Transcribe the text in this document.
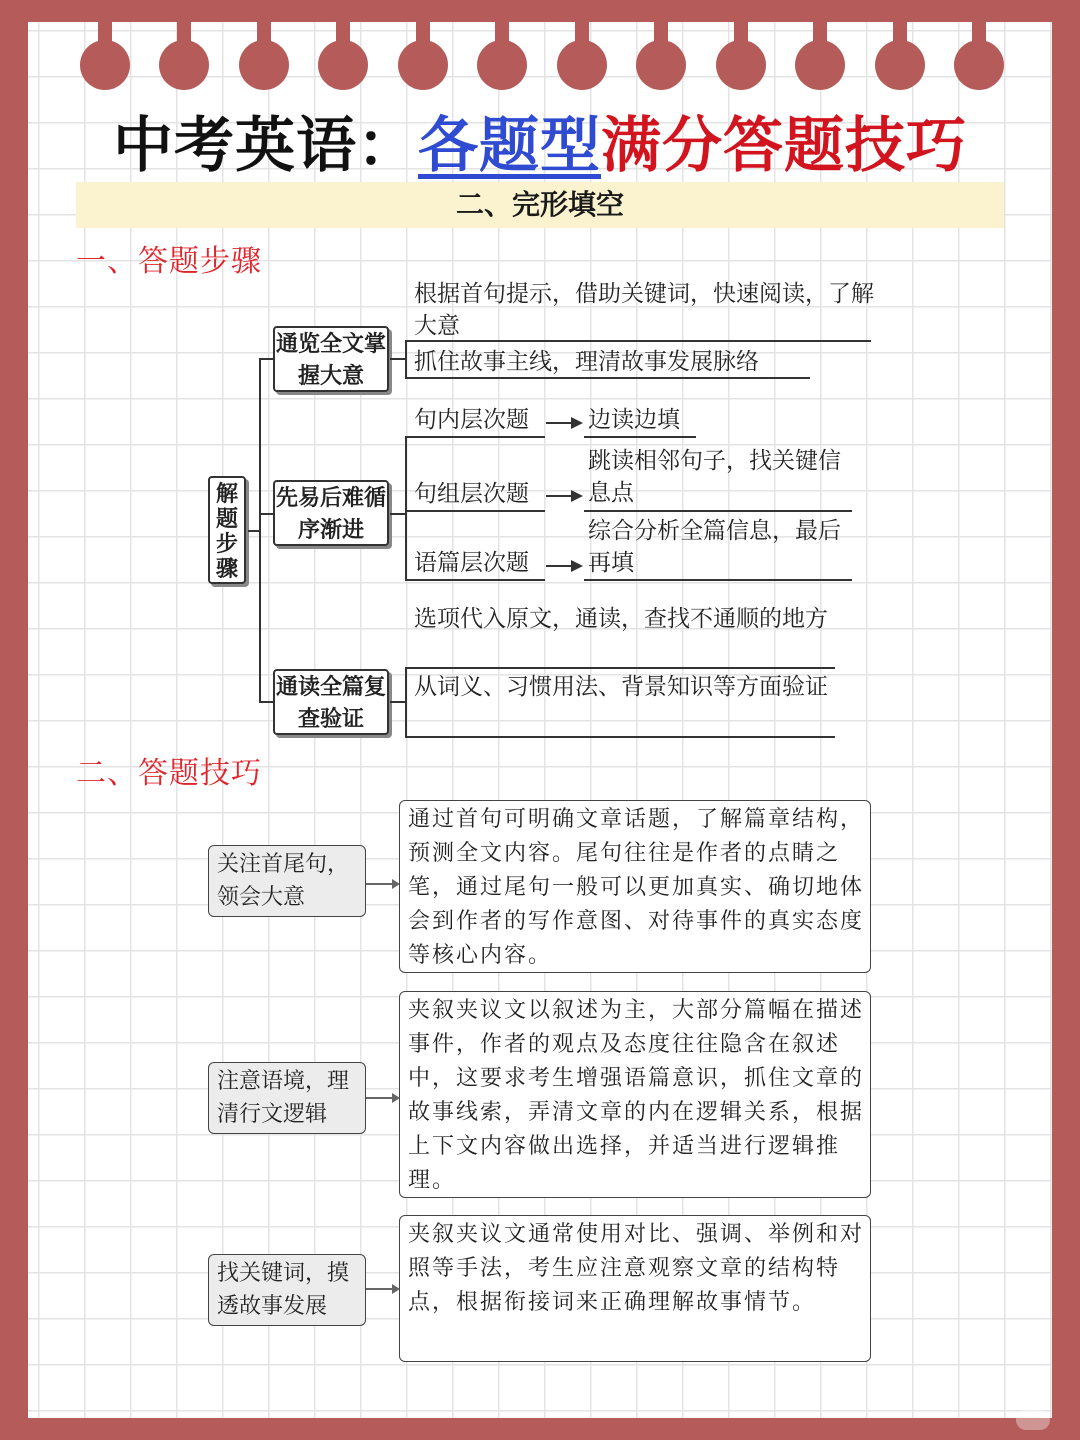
中考英语：各题型满分答题技巧
二、完形填空
一、答题步骤
解题步骤
通览全文掌握大意
先易后难循序渐进
通读全篇复查验证
根据首句提示，借助关键词，快速阅读，了解大意
抓住故事主线，理清故事发展脉络
句内层次题
句组层次题
语篇层次题
边读边填
跳读相邻句子，找关键信息点
综合分析全篇信息，最后再填
选项代入原文，通读，查找不通顺的地方
从词义、习惯用法、背景知识等方面验证
二、答题技巧
关注首尾句，领会大意
通过首句可明确文章话题，了解篇章结构，预测全文内容。尾句往往是作者的点睛之笔，通过尾句一般可以更加真实、确切地体会到作者的写作意图、对待事件的真实态度等核心内容。
注意语境，理清行文逻辑
夹叙夹议文以叙述为主，大部分篇幅在描述事件，作者的观点及态度往往隐含在叙述中，这要求考生增强语篇意识，抓住文章的故事线索，弄清文章的内在逻辑关系，根据上下文内容做出选择，并适当进行逻辑推理。
找关键词，摸透故事发展
夹叙夹议文通常使用对比、强调、举例和对照等手法，考生应注意观察文章的结构特点，根据衔接词来正确理解故事情节。
